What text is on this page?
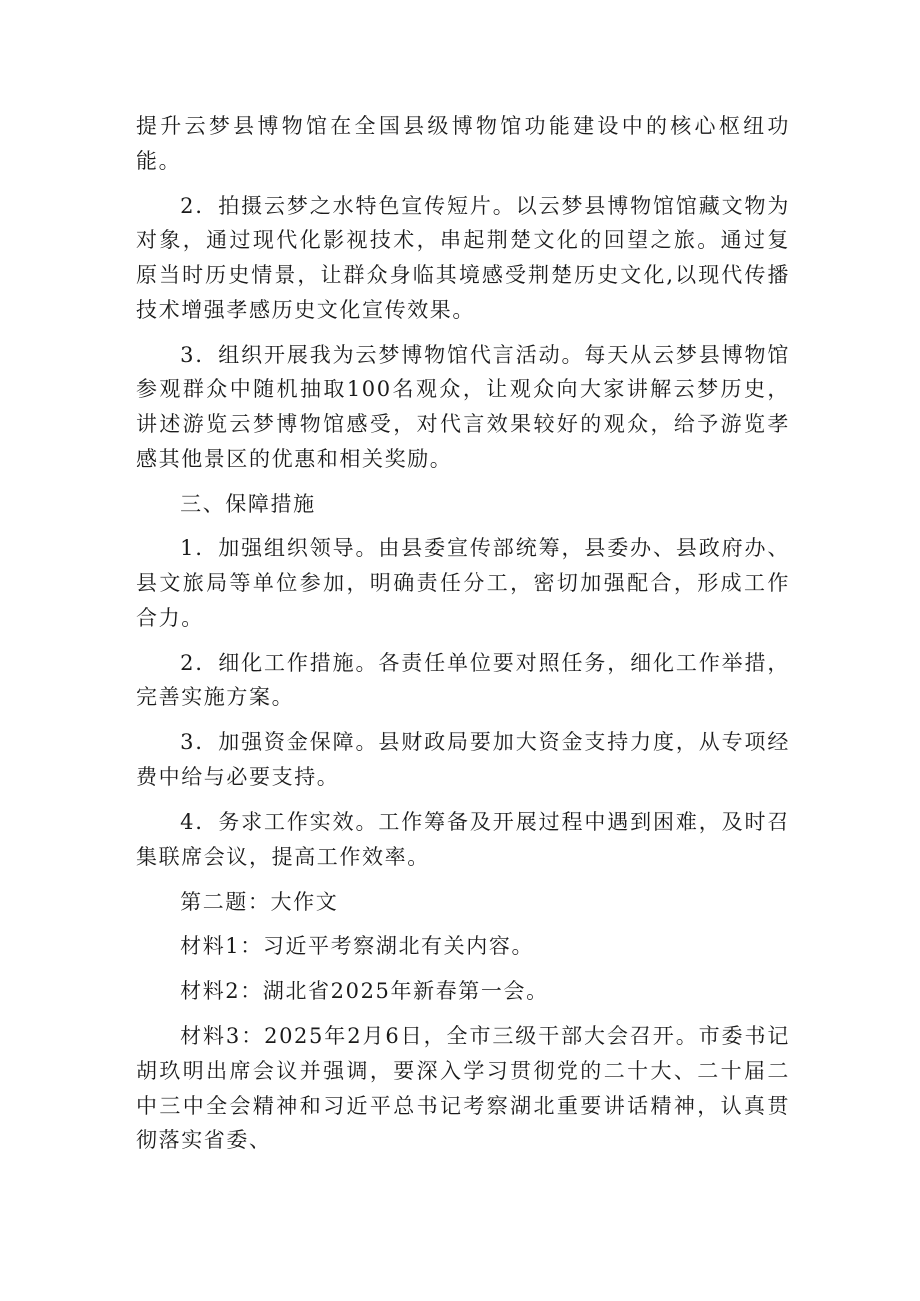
提升云梦县博物馆在全国县级博物馆功能建设中的核心枢纽功能。

2．拍摄云梦之水特色宣传短片。以云梦县博物馆馆藏文物为对象，通过现代化影视技术，串起荆楚文化的回望之旅。通过复原当时历史情景，让群众身临其境感受荆楚历史文化,以现代传播技术增强孝感历史文化宣传效果。

3．组织开展我为云梦博物馆代言活动。每天从云梦县博物馆参观群众中随机抽取100名观众，让观众向大家讲解云梦历史，讲述游览云梦博物馆感受，对代言效果较好的观众，给予游览孝感其他景区的优惠和相关奖励。

三、保障措施

1．加强组织领导。由县委宣传部统筹，县委办、县政府办、县文旅局等单位参加，明确责任分工，密切加强配合，形成工作合力。

2．细化工作措施。各责任单位要对照任务，细化工作举措，完善实施方案。

3．加强资金保障。县财政局要加大资金支持力度，从专项经费中给与必要支持。

4．务求工作实效。工作筹备及开展过程中遇到困难，及时召集联席会议，提高工作效率。

第二题：大作文

材料1：习近平考察湖北有关内容。

材料2：湖北省2025年新春第一会。

材料3：2025年2月6日，全市三级干部大会召开。市委书记胡玖明出席会议并强调，要深入学习贯彻党的二十大、二十届二中三中全会精神和习近平总书记考察湖北重要讲话精神，认真贯彻落实省委、
